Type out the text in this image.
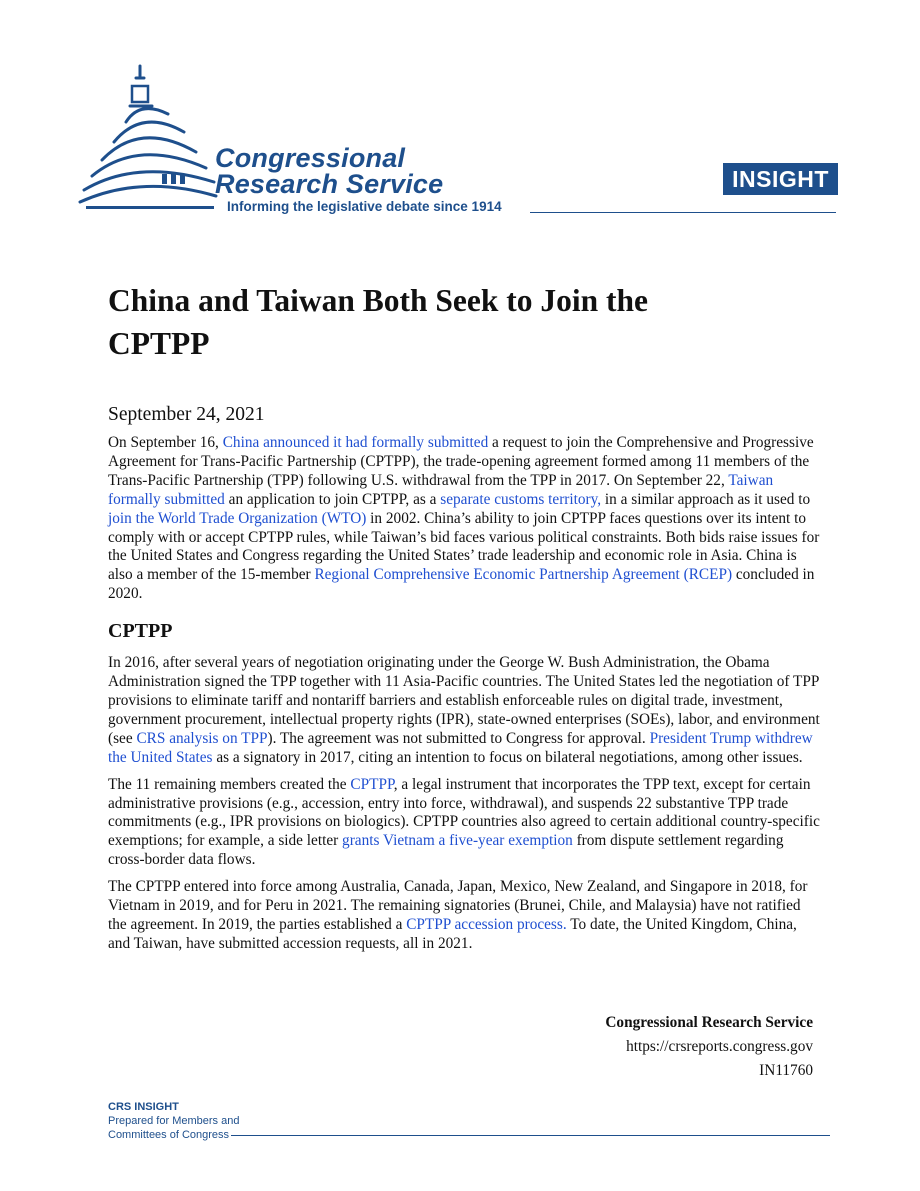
Congressional
Research Service
Informing the legislative debate since 1914
INSIGHT
China and Taiwan Both Seek to Join the CPTPP
September 24, 2021

On September 16, China announced it had formally submitted a request to join the Comprehensive and Progressive Agreement for Trans-Pacific Partnership (CPTPP), the trade-opening agreement formed among 11 members of the Trans-Pacific Partnership (TPP) following U.S. withdrawal from the TPP in 2017. On September 22, Taiwan formally submitted an application to join CPTPP, as a separate customs territory, in a similar approach as it used to join the World Trade Organization (WTO) in 2002. China’s ability to join CPTPP faces questions over its intent to comply with or accept CPTPP rules, while Taiwan’s bid faces various political constraints. Both bids raise issues for the United States and Congress regarding the United States’ trade leadership and economic role in Asia. China is also a member of the 15-member Regional Comprehensive Economic Partnership Agreement (RCEP) concluded in 2020.

CPTPP

In 2016, after several years of negotiation originating under the George W. Bush Administration, the Obama Administration signed the TPP together with 11 Asia-Pacific countries. The United States led the negotiation of TPP provisions to eliminate tariff and nontariff barriers and establish enforceable rules on digital trade, investment, government procurement, intellectual property rights (IPR), state-owned enterprises (SOEs), labor, and environment (see CRS analysis on TPP). The agreement was not submitted to Congress for approval. President Trump withdrew the United States as a signatory in 2017, citing an intention to focus on bilateral negotiations, among other issues.

The 11 remaining members created the CPTPP, a legal instrument that incorporates the TPP text, except for certain administrative provisions (e.g., accession, entry into force, withdrawal), and suspends 22 substantive TPP trade commitments (e.g., IPR provisions on biologics). CPTPP countries also agreed to certain additional country-specific exemptions; for example, a side letter grants Vietnam a five-year exemption from dispute settlement regarding cross-border data flows.

The CPTPP entered into force among Australia, Canada, Japan, Mexico, New Zealand, and Singapore in 2018, for Vietnam in 2019, and for Peru in 2021. The remaining signatories (Brunei, Chile, and Malaysia) have not ratified the agreement. In 2019, the parties established a CPTPP accession process. To date, the United Kingdom, China, and Taiwan, have submitted accession requests, all in 2021.

Congressional Research Service
https://crsreports.congress.gov
IN11760
CRS INSIGHT
Prepared for Members and
Committees of Congress
